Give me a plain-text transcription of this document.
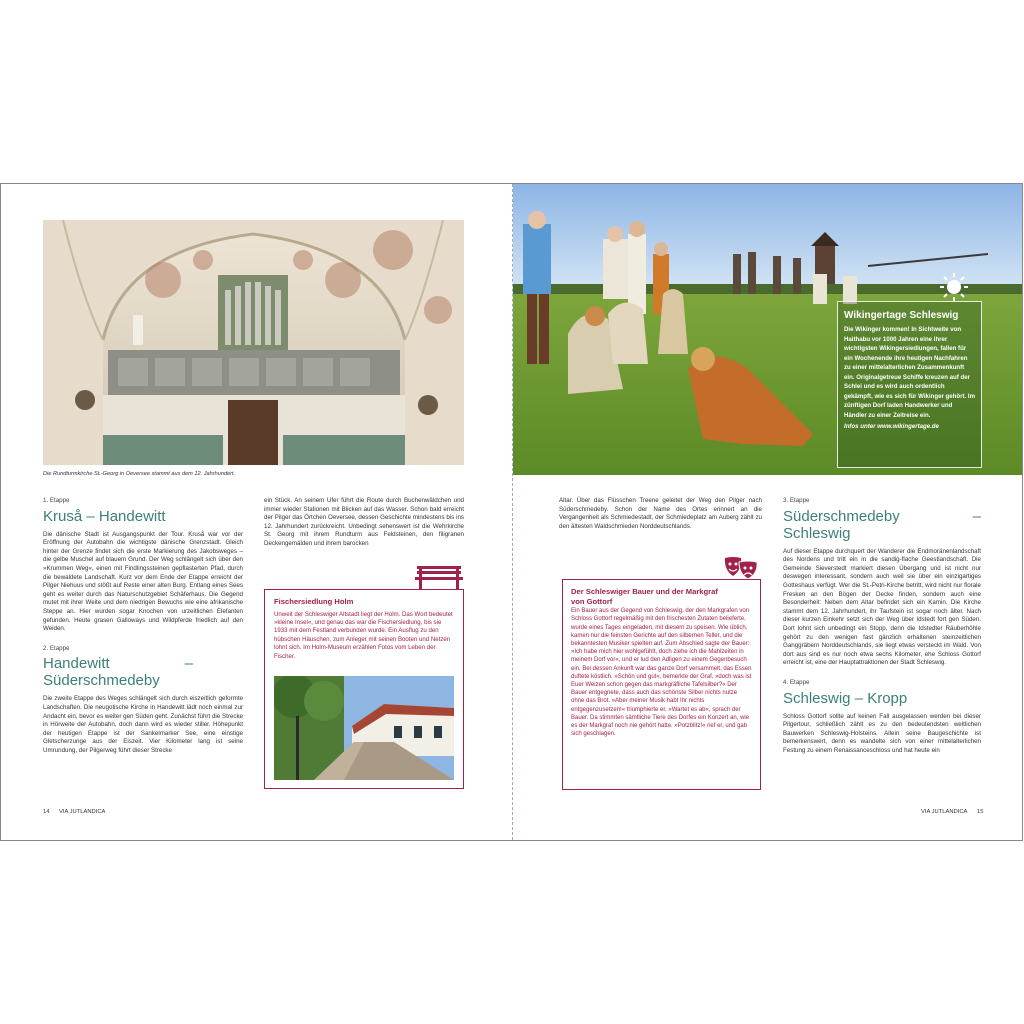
Die Rundturmkirche St.-Georg in Oeversee stammt aus dem 12. Jahrhundert.
1. Etappe
Kruså – Handewitt

Die dänische Stadt ist Ausgangspunkt der Tour. Kruså war vor der Eröffnung der Autobahn die wichtigste dänische Grenzstadt. Gleich hinter der Grenze findet sich die erste Markierung des Jakobsweges – die gelbe Muschel auf blauem Grund. Der Weg schlängelt sich über den »Krummen Weg«, einen mit Findlingssteinen gepflasterten Pfad, durch die bewaldete Landschaft. Kurz vor dem Ende der Etappe erreicht der Pilger Niehuus und stößt auf Reste einer alten Burg. Entlang eines Sees geht es weiter durch das Naturschutzgebiet Schäferhaus. Die Gegend mutet mit ihrer Weite und dem niedrigen Bewuchs wie eine afrikanische Steppe an. Hier wurden sogar Knochen von urzeitlichen Elefanten gefunden. Heute grasen Galloways und Wildpferde friedlich auf den Weiden.

2. Etappe
Handewitt – Süderschmedeby

Die zweite Etappe des Weges schlängelt sich durch eiszeitlich geformte Landschaften. Die neugotische Kirche in Handewitt lädt noch einmal zur Andacht ein, bevor es weiter gen Süden geht. Zunächst führt die Strecke in Hörweite der Autobahn, doch dann wird es wieder stiller. Höhepunkt der heutigen Etappe ist der Sankelmarker See, eine einstige Gletscherzunge aus der Eiszeit. Vier Kilometer lang ist seine Umrundung, der Pilgerweg führt dieser Strecke

ein Stück. An seinem Ufer führt die Route durch Buchenwäldchen und immer wieder Stationen mit Blicken auf das Wasser. Schon bald erreicht der Pilger das Örtchen Oeversee, dessen Geschichte mindestens bis ins 12. Jahrhundert zurückreicht. Unbedingt sehenswert ist die Wehrkirche St. Georg mit ihrem Rundturm aus Feldsteinen, den filigranen Deckengemälden und ihrem barocken

Fischersiedlung Holm
Unweit der Schleswiger Altstadt liegt der Holm. Das Wort bedeutet »kleine Insel«, und genau das war die Fischersiedlung, bis sie 1933 mit dem Festland verbunden wurde. Ein Ausflug zu den hübschen Häuschen, zum Anleger mit seinen Booten und Netzen lohnt sich. Im Holm-Museum erzählen Fotos vom Leben der Fischer.
14 VIA JUTLANDICA
Wikingertage Schleswig
Die Wikinger kommen! In Sichtweite von Haithabu vor 1000 Jahren eine ihrer wichtigsten Wikingersiedlungen, fallen für ein Wochenende ihre heutigen Nachfahren zu einer mittelalterlichen Zusammenkunft ein. Originalgetreue Schiffe kreuzen auf der Schlei und es wird auch ordentlich gekämpft, wie es sich für Wikinger gehört. Im zünftigen Dorf laden Handwerker und Händler zu einer Zeitreise ein.
Infos unter www.wikingertage.de

Altar. Über das Flüsschen Treene geleitet der Weg den Pilger nach Süderschmedeby. Schon der Name des Ortes erinnert an die Vergangenheit als Schmiedestadt, der Schmiedeplatz am Auberg zählt zu den ältesten Waldschmieden Norddeutschlands.

Der Schleswiger Bauer und der Markgraf von Gottorf
Ein Bauer aus der Gegend von Schleswig, der den Markgrafen von Schloss Gottorf regelmäßig mit den frischesten Zutaten belieferte, wurde eines Tages eingeladen, mit diesem zu speisen. Wie üblich, kamen nur die feinsten Gerichte auf den silbernen Teller, und die bekanntesten Musiker spielten auf. Zum Abschied sagte der Bauer: »Ich habe mich hier wohlgefühlt, doch ziehe ich die Mahlzeiten in meinem Dorf vor«, und er lud den Adligen zu einem Gegenbesuch ein. Bei dessen Ankunft war das ganze Dorf versammelt, das Essen duftete köstlich. »Schön und gut«, bemerkte der Graf, »doch was ist Euer Weizen schon gegen das markgräfliche Tafelsilber?« Der Bauer entgegnete, dass auch das schönste Silber nichts nutze ohne das Brot. »Aber meiner Musik habt Ihr nichts entgegenzusetzen!« triumphierte er. »Wartet es ab«, sprach der Bauer. Da stimmten sämtliche Tiere des Dorfes ein Konzert an, wie es der Markgraf noch nie gehört hatte. »Potzblitz!« rief er, und gab sich geschlagen.
3. Etappe
Süderschmedeby – Schleswig

Auf dieser Etappe durchquert der Wanderer die Endmoränenlandschaft des Nordens und tritt ein in die sandig-flache Geestlandschaft. Die Gemeinde Sieverstedt markiert diesen Übergang und ist nicht nur deswegen interessant, sondern auch weil sie über ein einzigartiges Gotteshaus verfügt. Wer die St.-Petri-Kirche betritt, wird nicht nur florale Fresken an den Bögen der Decke finden, sondern auch eine Besonderheit: Neben dem Altar befindet sich ein Kamin. Die Kirche stammt dem 12. Jahrhundert, ihr Taufstein ist sogar noch älter. Nach dieser kurzen Einkehr setzt sich der Weg über Idstedt fort gen Süden. Dort lohnt sich unbedingt ein Stopp, denn die Idstedter Räuberhöhle gehört zu den wenigen fast gänzlich erhaltenen steinzeitlichen Ganggräbern Norddeutschlands, sie liegt etwas versteckt im Wald. Von dort aus sind es nur noch etwa sechs Kilometer, ehe Schloss Gottorf erreicht ist, eine der Hauptattraktionen der Stadt Schleswig.

4. Etappe
Schleswig – Kropp

Schloss Gottorf sollte auf keinen Fall ausgelassen werden bei dieser Pilgertour, schließlich zählt es zu den bedeutendsten weltlichen Bauwerken Schleswig-Holsteins. Allein seine Baugeschichte ist bemerkenswert, denn es wandelte sich von einer mittelalterlichen Festung zu einem Renaissanceschloss und hat heute ein

VIA JUTLANDICA 15
